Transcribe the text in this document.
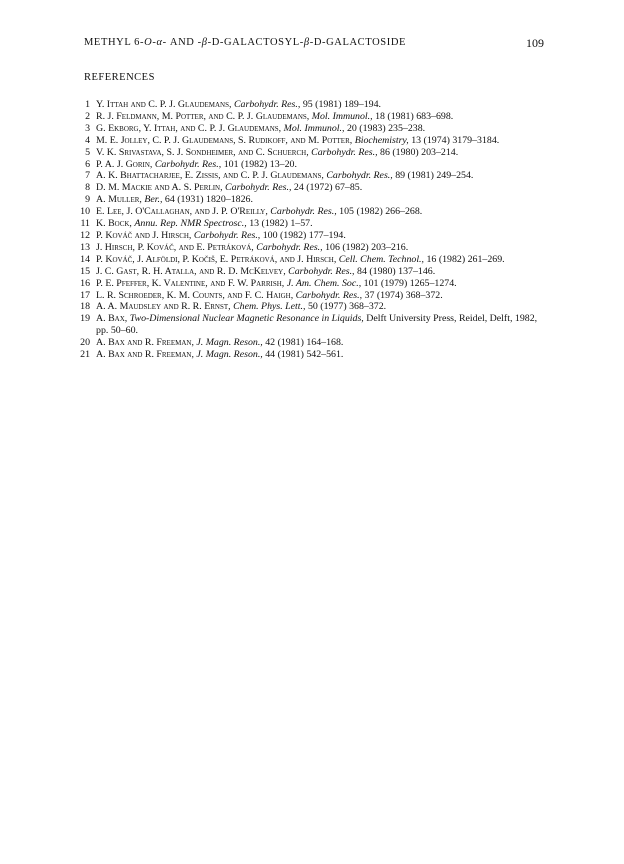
METHYL 6-O-α- AND -β-D-GALACTOSYL-β-D-GALACTOSIDE	109
REFERENCES
1 Y. Ittah and C. P. J. Glaudemans, Carbohydr. Res., 95 (1981) 189–194.
2 R. J. Feldmann, M. Potter, and C. P. J. Glaudemans, Mol. Immunol., 18 (1981) 683–698.
3 G. Ekborg, Y. Ittah, and C. P. J. Glaudemans, Mol. Immunol., 20 (1983) 235–238.
4 M. E. Jolley, C. P. J. Glaudemans, S. Rudikoff, and M. Potter, Biochemistry, 13 (1974) 3179–3184.
5 V. K. Srivastava, S. J. Sondheimer, and C. Schuerch, Carbohydr. Res., 86 (1980) 203–214.
6 P. A. J. Gorin, Carbohydr. Res., 101 (1982) 13–20.
7 A. K. Bhattacharjee, E. Zissis, and C. P. J. Glaudemans, Carbohydr. Res., 89 (1981) 249–254.
8 D. M. Mackie and A. S. Perlin, Carbohydr. Res., 24 (1972) 67–85.
9 A. Muller, Ber., 64 (1931) 1820–1826.
10 E. Lee, J. O'Callaghan, and J. P. O'Reilly, Carbohydr. Res., 105 (1982) 266–268.
11 K. Bock, Annu. Rep. NMR Spectrosc., 13 (1982) 1–57.
12 P. Kováč and J. Hirsch, Carbohydr. Res., 100 (1982) 177–194.
13 J. Hirsch, P. Kováč, and E. Petráková, Carbohydr. Res., 106 (1982) 203–216.
14 P. Kováč, J. Alföldi, P. Kočiš, E. Petráková, and J. Hirsch, Cell. Chem. Technol., 16 (1982) 261–269.
15 J. C. Gast, R. H. Atalla, and R. D. McKelvey, Carbohydr. Res., 84 (1980) 137–146.
16 P. E. Pfeffer, K. Valentine, and F. W. Parrish, J. Am. Chem. Soc., 101 (1979) 1265–1274.
17 L. R. Schroeder, K. M. Counts, and F. C. Haigh, Carbohydr. Res., 37 (1974) 368–372.
18 A. A. Maudsley and R. R. Ernst, Chem. Phys. Lett., 50 (1977) 368–372.
19 A. Bax, Two-Dimensional Nuclear Magnetic Resonance in Liquids, Delft University Press, Reidel, Delft, 1982, pp. 50–60.
20 A. Bax and R. Freeman, J. Magn. Reson., 42 (1981) 164–168.
21 A. Bax and R. Freeman, J. Magn. Reson., 44 (1981) 542–561.
